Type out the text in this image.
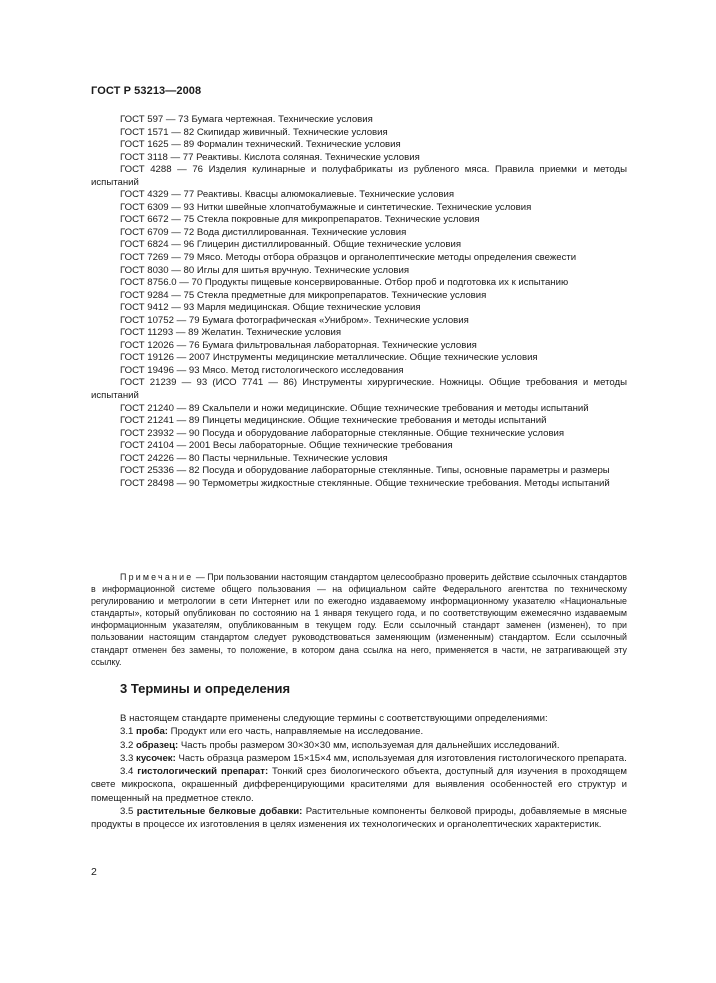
ГОСТ Р 53213—2008

ГОСТ 597 — 73 Бумага чертежная. Технические условия

ГОСТ 1571 — 82 Скипидар живичный. Технические условия

ГОСТ 1625 — 89 Формалин технический. Технические условия

ГОСТ 3118 — 77 Реактивы. Кислота соляная. Технические условия

ГОСТ 4288 — 76 Изделия кулинарные и полуфабрикаты из рубленого мяса. Правила приемки и методы испытаний

ГОСТ 4329 — 77 Реактивы. Квасцы алюмокалиевые. Технические условия

ГОСТ 6309 — 93 Нитки швейные хлопчатобумажные и синтетические. Технические условия

ГОСТ 6672 — 75 Стекла покровные для микропрепаратов. Технические условия

ГОСТ 6709 — 72 Вода дистиллированная. Технические условия

ГОСТ 6824 — 96 Глицерин дистиллированный. Общие технические условия

ГОСТ 7269 — 79 Мясо. Методы отбора образцов и органолептические методы определения свежести

ГОСТ 8030 — 80 Иглы для шитья вручную. Технические условия

ГОСТ 8756.0 — 70 Продукты пищевые консервированные. Отбор проб и подготовка их к испытанию

ГОСТ 9284 — 75 Стекла предметные для микропрепаратов. Технические условия

ГОСТ 9412 — 93 Марля медицинская. Общие технические условия

ГОСТ 10752 — 79 Бумага фотографическая «Унибром». Технические условия

ГОСТ 11293 — 89 Желатин. Технические условия

ГОСТ 12026 — 76 Бумага фильтровальная лабораторная. Технические условия

ГОСТ 19126 — 2007 Инструменты медицинские металлические. Общие технические условия

ГОСТ 19496 — 93 Мясо. Метод гистологического исследования

ГОСТ 21239 — 93 (ИСО 7741 — 86) Инструменты хирургические. Ножницы. Общие требования и методы испытаний

ГОСТ 21240 — 89 Скальпели и ножи медицинские. Общие технические требования и методы испытаний

ГОСТ 21241 — 89 Пинцеты медицинские. Общие технические требования и методы испытаний

ГОСТ 23932 — 90 Посуда и оборудование лабораторные стеклянные. Общие технические условия

ГОСТ 24104 — 2001 Весы лабораторные. Общие технические требования

ГОСТ 24226 — 80 Пасты чернильные. Технические условия

ГОСТ 25336 — 82 Посуда и оборудование лабораторные стеклянные. Типы, основные параметры и размеры

ГОСТ 28498 — 90 Термометры жидкостные стеклянные. Общие технические требования. Методы испытаний

Примечание — При пользовании настоящим стандартом целесообразно проверить действие ссылочных стандартов в информационной системе общего пользования — на официальном сайте Федерального агентства по техническому регулированию и метрологии в сети Интернет или по ежегодно издаваемому информационному указателю «Национальные стандарты», который опубликован по состоянию на 1 января текущего года, и по соответствующим ежемесячно издаваемым информационным указателям, опубликованным в текущем году. Если ссылочный стандарт заменен (изменен), то при пользовании настоящим стандартом следует руководствоваться заменяющим (измененным) стандартом. Если ссылочный стандарт отменен без замены, то положение, в котором дана ссылка на него, применяется в части, не затрагивающей эту ссылку.

3 Термины и определения

В настоящем стандарте применены следующие термины с соответствующими определениями:

3.1 проба: Продукт или его часть, направляемые на исследование.

3.2 образец: Часть пробы размером 30×30×30 мм, используемая для дальнейших исследований.

3.3 кусочек: Часть образца размером 15×15×4 мм, используемая для изготовления гистологического препарата.

3.4 гистологический препарат: Тонкий срез биологического объекта, доступный для изучения в проходящем свете микроскопа, окрашенный дифференцирующими красителями для выявления особенностей его структур и помещенный на предметное стекло.

3.5 растительные белковые добавки: Растительные компоненты белковой природы, добавляемые в мясные продукты в процессе их изготовления в целях изменения их технологических и органолептических характеристик.

2
